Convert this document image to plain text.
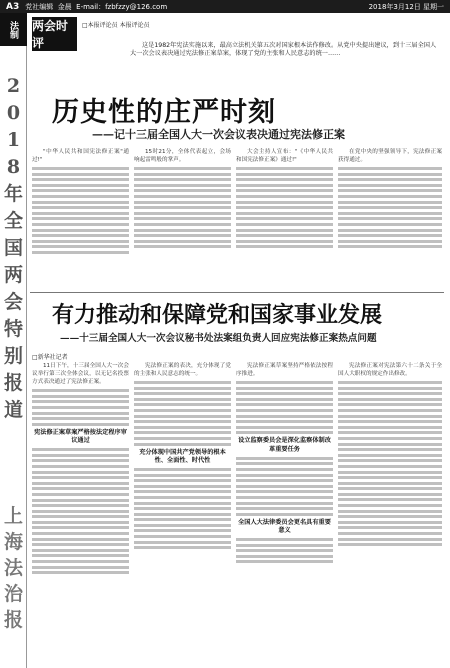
A3 党社编辑
金晨
E-mail：fzbfzzy@126.com	2018年3月12日 星期一
法制
2018年全国两会特别报道
上海法治报
两会时评
□本报评论员 本报评论员
这是1982年宪法实施以来，最高立法机关第五次对国家根本法作修改。从党中央提出建议，到十三届全国人大一次会议表决通过宪法修正案草案，体现了党的主张和人民意志的统一……
历史性的庄严时刻
——记十三届全国人大一次会议表决通过宪法修正案

"中华人民共和国宪法修正案"通过!"

15时21分，全体代表起立，会场响起雷鸣般的掌声。

大会主持人宣布："《中华人民共和国宪法修正案》通过!"

在党中央的坚强领导下，宪法修正案获得通过。

有力推动和保障党和国家事业发展
——十三届全国人大一次会议秘书处法案组负责人回应宪法修正案热点问题
□新华社记者

11日下午，十三届全国人大一次会议举行第三次全体会议，以无记名投票方式表决通过了宪法修正案。

宪法修正案草案严格按法定程序审议通过

宪法修正案的表决，充分体现了党的主张和人民意志的统一。

充分体现中国共产党领导的根本性、全面性、时代性

宪法修正案草案坚持严格依法按程序推进。

设立监察委员会是深化监察体制改革重要任务
全国人大法律委员会更名具有重要意义

宪法修正案对宪法第六十二条关于全国人大职权的规定作出修改。
